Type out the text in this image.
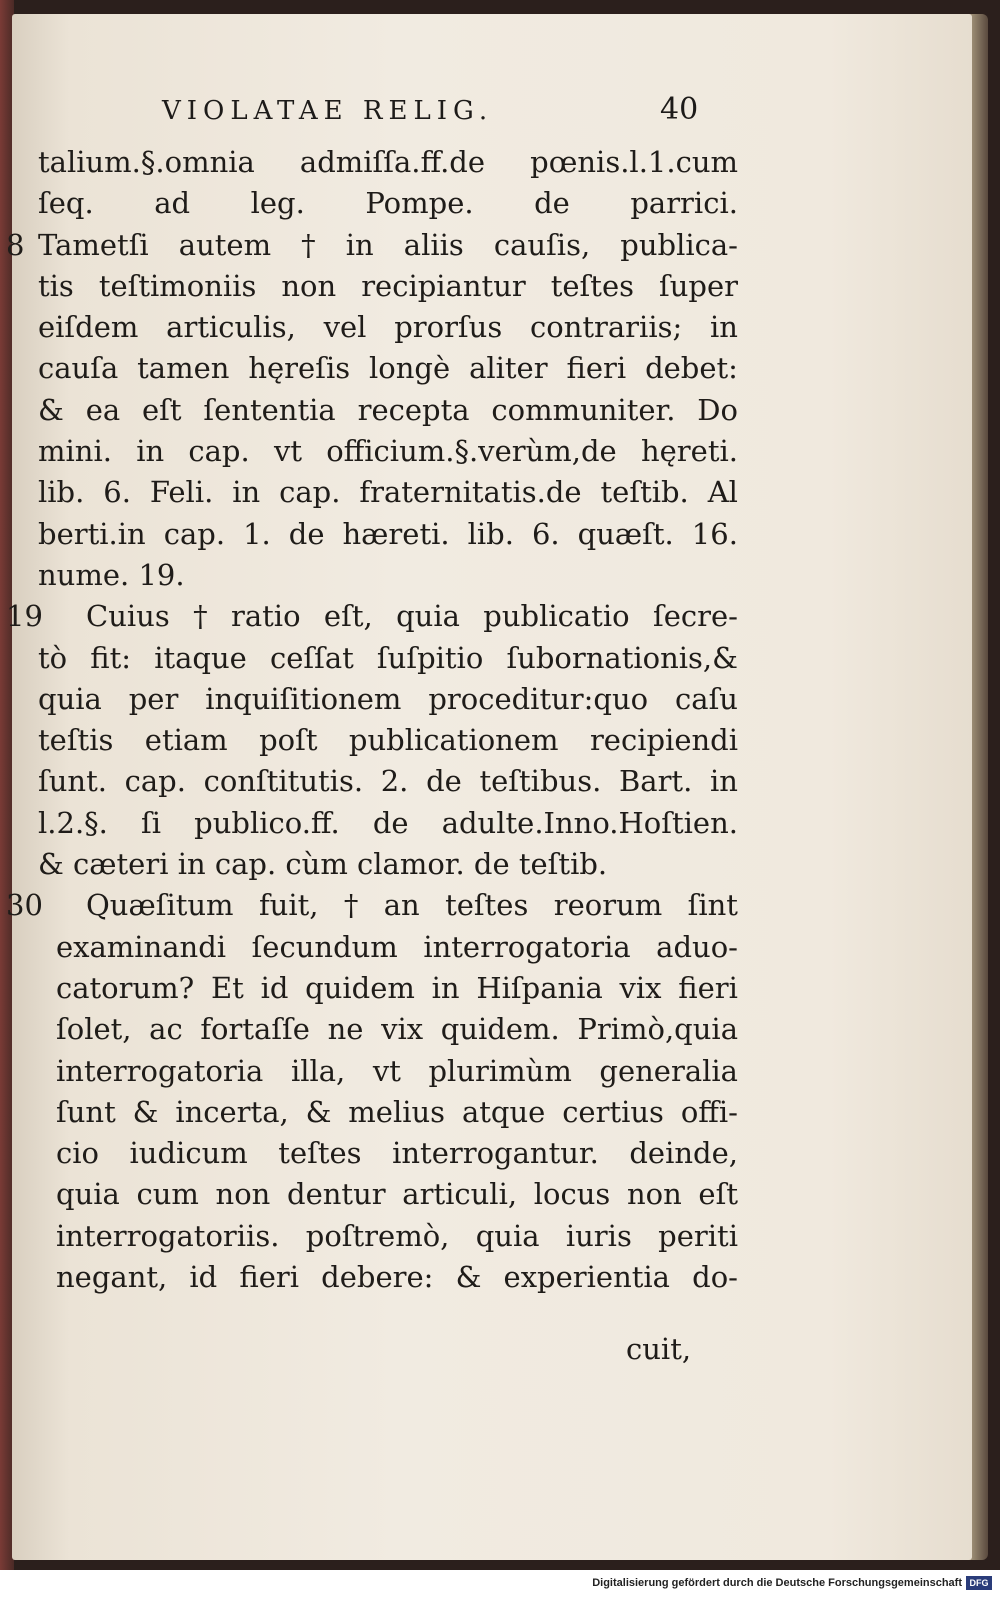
VIOLATAE RELIG.	40
talium.§.omnia admiſſa.ff.de pœnis.l.1.cum
ſeq. ad leg. Pompe. de parrici.
8 Tametſi autem † in aliis cauſis, publica-
tis teſtimoniis non recipiantur teſtes ſuper
eiſdem articulis, vel prorſus contrariis; in
cauſa tamen hęreſis longè aliter fieri debet:
& ea eſt ſententia recepta communiter. Do
mini. in cap. vt officium.§.verùm,de hęreti.
lib. 6. Feli. in cap. fraternitatis.de teſtib. Al
berti.in cap. 1. de hæreti. lib. 6. quæſt. 16.
nume. 19.
19 Cuius † ratio eſt, quia publicatio ſecre-
tò fit: itaque ceſſat ſuſpitio ſubornationis,&
quia per inquiſitionem proceditur:quo caſu
teſtis etiam poſt publicationem recipiendi
ſunt. cap. conſtitutis. 2. de teſtibus. Bart. in
l.2.§. ſi publico.ff. de adulte.Inno.Hoſtien.
& cæteri in cap. cùm clamor. de teſtib.
30 Quæſitum fuit, † an teſtes reorum ſint
examinandi ſecundum interrogatoria aduo-
catorum? Et id quidem in Hiſpania vix fieri
ſolet, ac fortaſſe ne vix quidem. Primò,quia
interrogatoria illa, vt plurimùm generalia
ſunt & incerta, & melius atque certius offi-
cio iudicum teſtes interrogantur. deinde,
quia cum non dentur articuli, locus non eſt
interrogatoriis. poſtremò, quia iuris periti
negant, id fieri debere: & experientia do-
cuit,
Digitalisierung gefördert durch die Deutsche Forschungsgemeinschaft DFG
